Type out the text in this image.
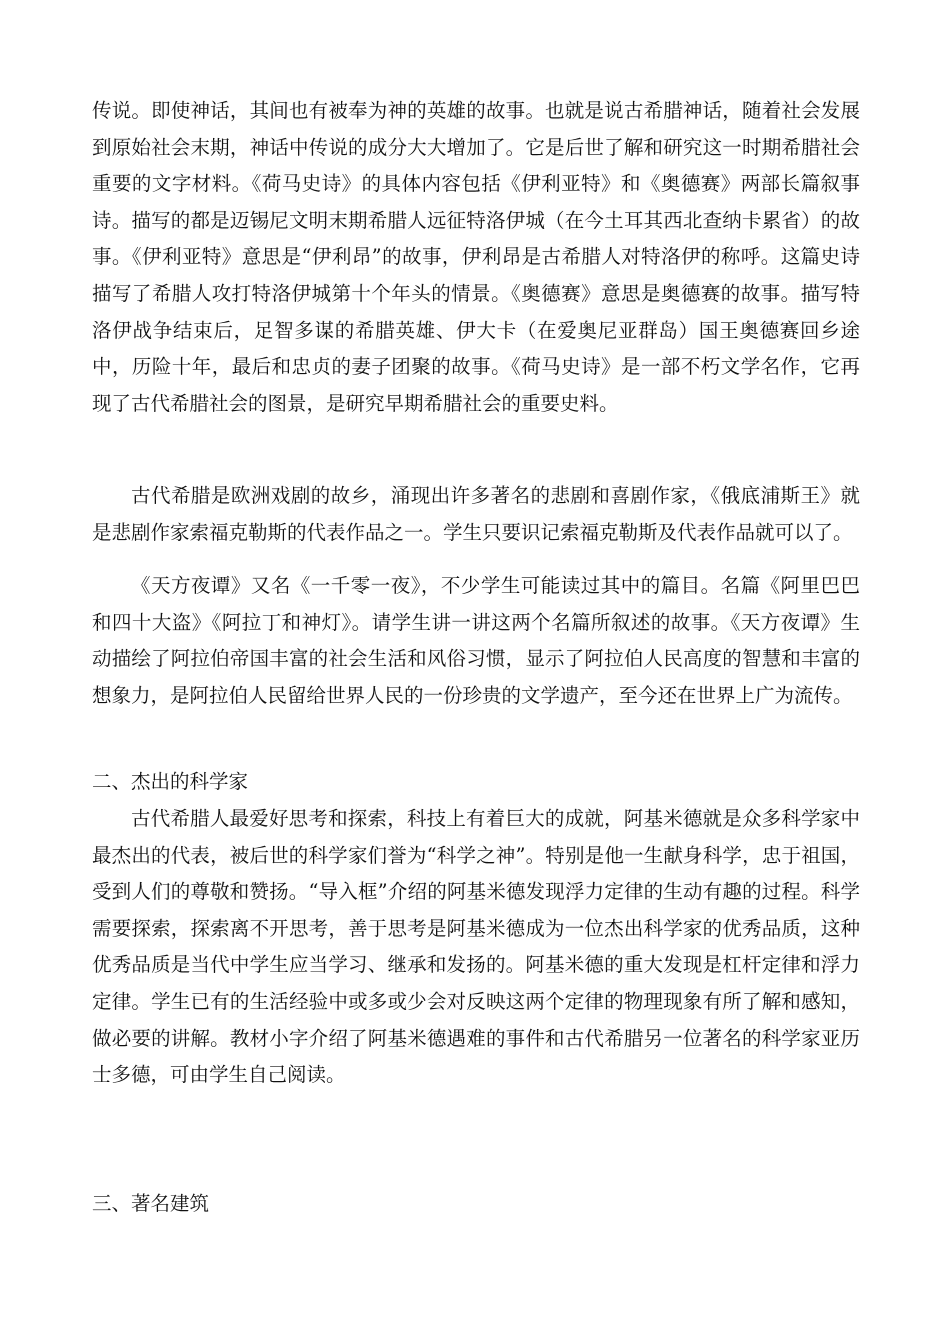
传说。即使神话，其间也有被奉为神的英雄的故事。也就是说古希腊神话，随着社会发展到原始社会末期，神话中传说的成分大大增加了。它是后世了解和研究这一时期希腊社会重要的文字材料。《荷马史诗》的具体内容包括《伊利亚特》和《奥德赛》两部长篇叙事诗。描写的都是迈锡尼文明末期希腊人远征特洛伊城（在今土耳其西北查纳卡累省）的故事。《伊利亚特》意思是“伊利昂”的故事，伊利昂是古希腊人对特洛伊的称呼。这篇史诗描写了希腊人攻打特洛伊城第十个年头的情景。《奥德赛》意思是奥德赛的故事。描写特洛伊战争结束后，足智多谋的希腊英雄、伊大卡（在爱奥尼亚群岛）国王奥德赛回乡途中，历险十年，最后和忠贞的妻子团聚的故事。《荷马史诗》是一部不朽文学名作，它再现了古代希腊社会的图景，是研究早期希腊社会的重要史料。

古代希腊是欧洲戏剧的故乡，涌现出许多著名的悲剧和喜剧作家，《俄底浦斯王》就是悲剧作家索福克勒斯的代表作品之一。学生只要识记索福克勒斯及代表作品就可以了。

《天方夜谭》又名《一千零一夜》，不少学生可能读过其中的篇目。名篇《阿里巴巴和四十大盗》《阿拉丁和神灯》。请学生讲一讲这两个名篇所叙述的故事。《天方夜谭》生动描绘了阿拉伯帝国丰富的社会生活和风俗习惯，显示了阿拉伯人民高度的智慧和丰富的想象力，是阿拉伯人民留给世界人民的一份珍贵的文学遗产，至今还在世界上广为流传。

二、杰出的科学家

古代希腊人最爱好思考和探索，科技上有着巨大的成就，阿基米德就是众多科学家中最杰出的代表，被后世的科学家们誉为“科学之神”。特别是他一生献身科学，忠于祖国，受到人们的尊敬和赞扬。“导入框”介绍的阿基米德发现浮力定律的生动有趣的过程。科学需要探索，探索离不开思考，善于思考是阿基米德成为一位杰出科学家的优秀品质，这种优秀品质是当代中学生应当学习、继承和发扬的。阿基米德的重大发现是杠杆定律和浮力定律。学生已有的生活经验中或多或少会对反映这两个定律的物理现象有所了解和感知，做必要的讲解。教材小字介绍了阿基米德遇难的事件和古代希腊另一位著名的科学家亚历士多德，可由学生自己阅读。

三、著名建筑
